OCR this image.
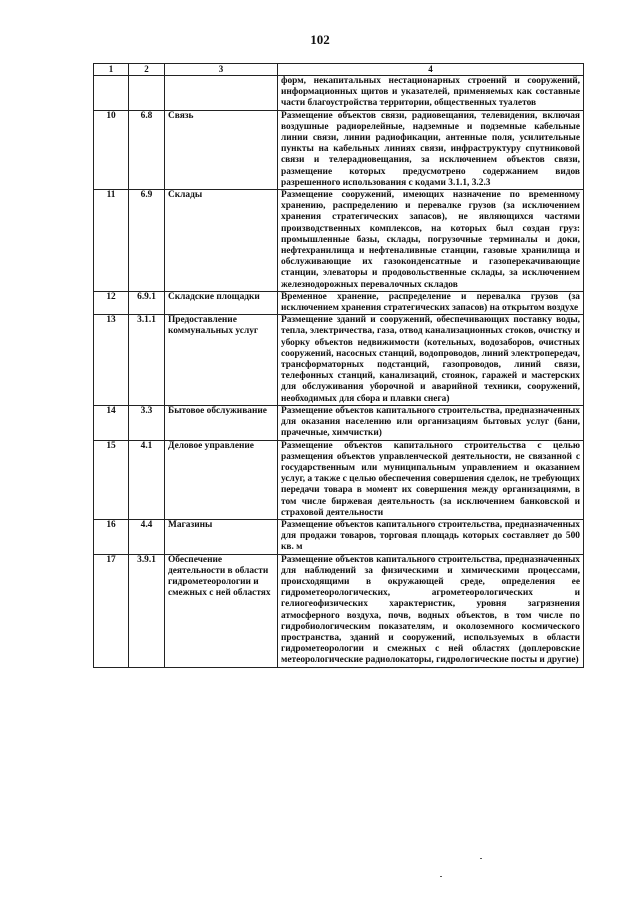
102
1	2	3	4
			форм, некапитальных нестационарных строений и сооружений, информационных щитов и указателей, применяемых как составные части благоустройства территории, общественных туалетов
10	6.8	Связь	Размещение объектов связи, радиовещания, телевидения, включая воздушные радиорелейные, надземные и подземные кабельные линии связи, линии радиофикации, антенные поля, усилительные пункты на кабельных линиях связи, инфраструктуру спутниковой связи и телерадиовещания, за исключением объектов связи, размещение которых предусмотрено содержанием видов разрешенного использования с кодами 3.1.1, 3.2.3
11	6.9	Склады	Размещение сооружений, имеющих назначение по временному хранению, распределению и перевалке грузов (за исключением хранения стратегических запасов), не являющихся частями производственных комплексов, на которых был создан груз: промышленные базы, склады, погрузочные терминалы и доки, нефтехранилища и нефтеналивные станции, газовые хранилища и обслуживающие их газоконденсатные и газоперекачивающие станции, элеваторы и продовольственные склады, за исключением железнодорожных перевалочных складов
12	6.9.1	Складские площадки	Временное хранение, распределение и перевалка грузов (за исключением хранения стратегических запасов) на открытом воздухе
13	3.1.1	Предоставление коммунальных услуг	Размещение зданий и сооружений, обеспечивающих поставку воды, тепла, электричества, газа, отвод канализационных стоков, очистку и уборку объектов недвижимости (котельных, водозаборов, очистных сооружений, насосных станций, водопроводов, линий электропередач, трансформаторных подстанций, газопроводов, линий связи, телефонных станций, канализаций, стоянок, гаражей и мастерских для обслуживания уборочной и аварийной техники, сооружений, необходимых для сбора и плавки снега)
14	3.3	Бытовое обслуживание	Размещение объектов капитального строительства, предназначенных для оказания населению или организациям бытовых услуг (бани, прачечные, химчистки)
15	4.1	Деловое управление	Размещение объектов капитального строительства с целью размещения объектов управленческой деятельности, не связанной с государственным или муниципальным управлением и оказанием услуг, а также с целью обеспечения совершения сделок, не требующих передачи товара в момент их совершения между организациями, в том числе биржевая деятельность (за исключением банковской и страховой деятельности
16	4.4	Магазины	Размещение объектов капитального строительства, предназначенных для продажи товаров, торговая площадь которых составляет до 500 кв. м
17	3.9.1	Обеспечение деятельности в области гидрометеорологии и смежных с ней областях	Размещение объектов капитального строительства, предназначенных для наблюдений за физическими и химическими процессами, происходящими в окружающей среде, определения ее гидрометеорологических, агрометеорологических и гелиогеофизических характеристик, уровня загрязнения атмосферного воздуха, почв, водных объектов, в том числе по гидробиологическим показателям, и околоземного космического пространства, зданий и сооружений, используемых в области гидрометеорологии и смежных с ней областях (доплеровские метеорологические радиолокаторы, гидрологические посты и другие)
